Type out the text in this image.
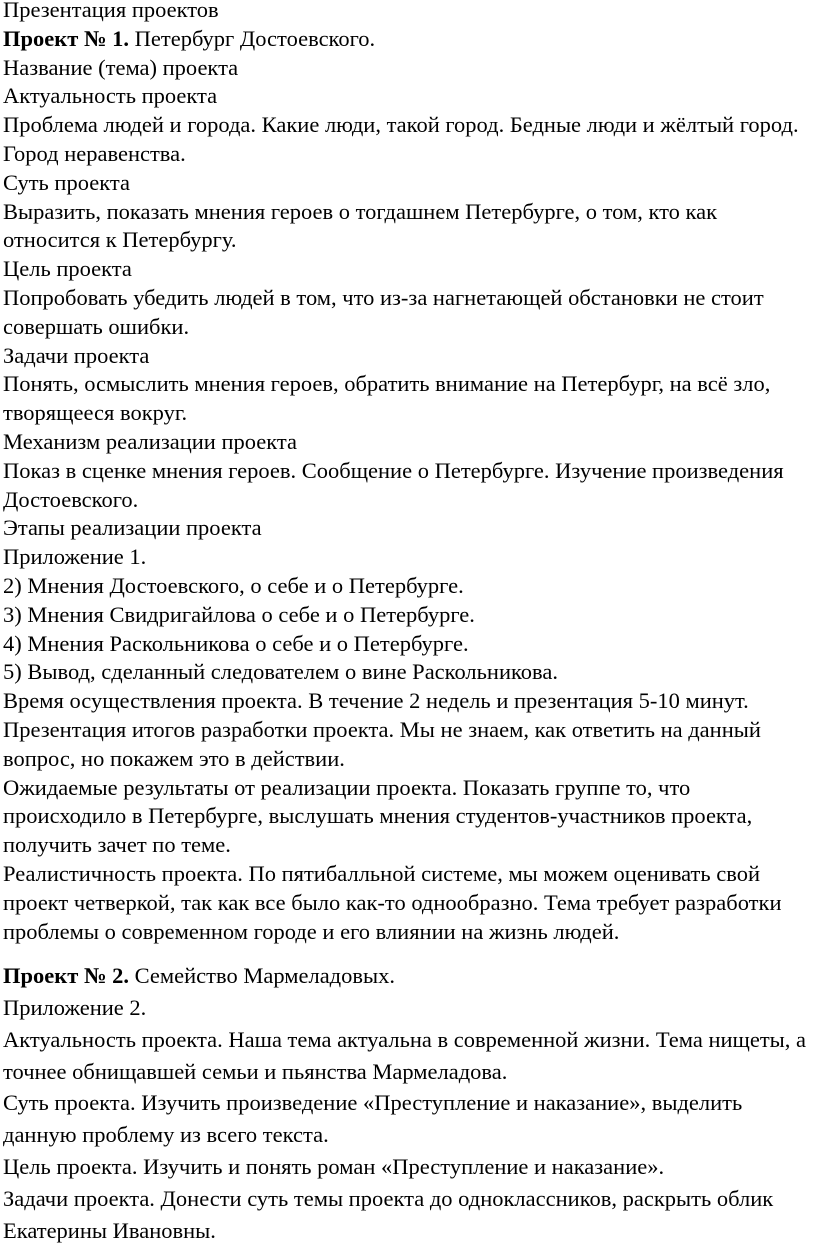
Презентация проектов

Проект № 1. Петербург Достоевского.

Название (тема) проекта

Актуальность проекта

Проблема людей и города. Какие люди, такой город. Бедные люди и жёлтый город. Город неравенства.

Суть проекта

Выразить, показать мнения героев о тогдашнем Петербурге, о том, кто как относится к Петербургу.

Цель проекта

Попробовать убедить людей в том, что из-за нагнетающей обстановки не стоит совершать ошибки.

Задачи проекта

Понять, осмыслить мнения героев, обратить внимание на Петербург, на всё зло, творящееся вокруг.

Механизм реализации проекта

Показ в сценке мнения героев. Сообщение о Петербурге. Изучение произведения Достоевского.

Этапы реализации проекта

Приложение 1.

2) Мнения Достоевского, о себе и о Петербурге.

3) Мнения Свидригайлова о себе и о Петербурге.

4) Мнения Раскольникова о себе и о Петербурге.

5) Вывод, сделанный следователем о вине Раскольникова.

Время осуществления проекта. В течение 2 недель и презентация 5-10 минут.

Презентация итогов разработки проекта. Мы не знаем, как ответить на данный вопрос, но покажем это в действии.

Ожидаемые результаты от реализации проекта. Показать группе то, что происходило в Петербурге, выслушать мнения студентов-участников проекта, получить зачет по теме.

Реалистичность проекта. По пятибалльной системе, мы можем оценивать свой проект четверкой, так как все было как-то однообразно. Тема требует разработки проблемы о современном городе и его влиянии на жизнь людей.

Проект № 2. Семейство Мармеладовых.

Приложение 2.

Актуальность проекта. Наша тема актуальна в современной жизни. Тема нищеты, а точнее обнищавшей семьи и пьянства Мармеладова.

Суть проекта. Изучить произведение «Преступление и наказание», выделить данную проблему из всего текста.

Цель проекта. Изучить и понять роман «Преступление и наказание».

Задачи проекта. Донести суть темы проекта до одноклассников, раскрыть облик Екатерины Ивановны.
